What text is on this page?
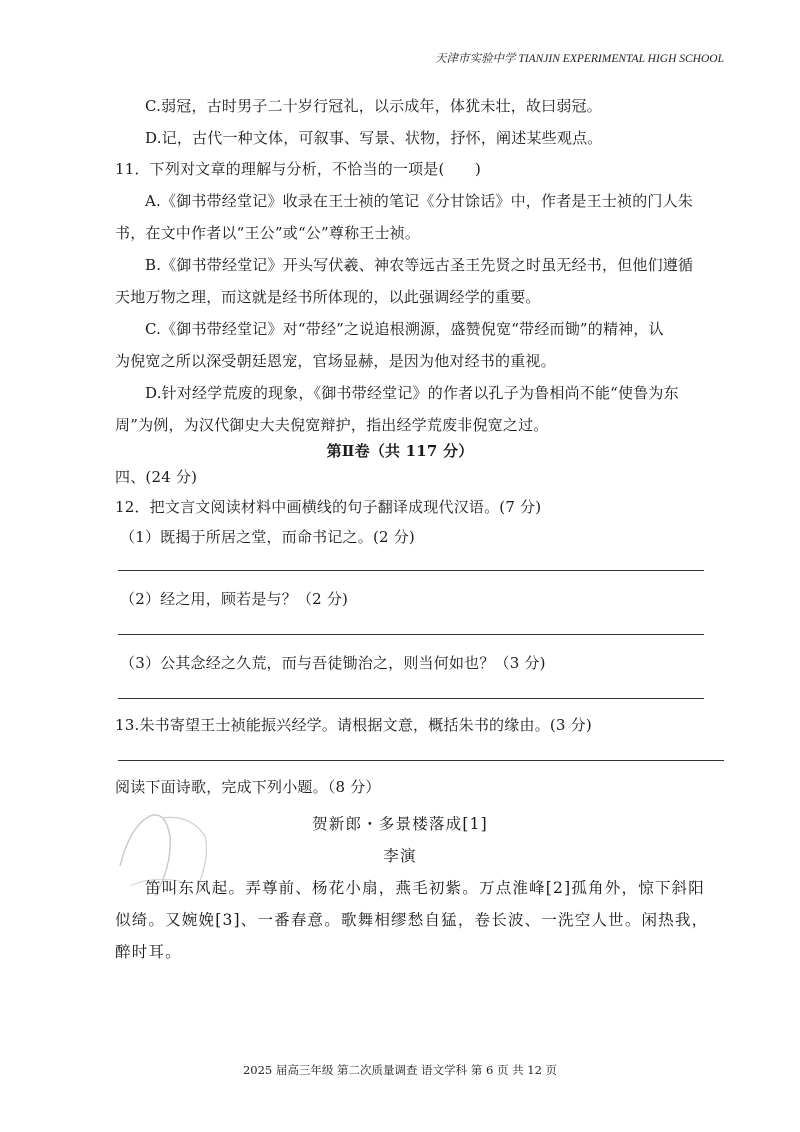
天津市实验中学 TIANJIN EXPERIMENTAL HIGH SCHOOL
C.弱冠，古时男子二十岁行冠礼，以示成年，体犹未壮，故曰弱冠。
D.记，古代一种文体，可叙事、写景、状物，抒怀，阐述某些观点。
11．下列对文章的理解与分析，不恰当的一项是(　　)
A.《御书带经堂记》收录在王士祯的笔记《分甘馀话》中，作者是王士祯的门人朱
书，在文中作者以“王公”或“公”尊称王士祯。
B.《御书带经堂记》开头写伏羲、神农等远古圣王先贤之时虽无经书，但他们遵循
天地万物之理，而这就是经书所体现的，以此强调经学的重要。
C.《御书带经堂记》对“带经”之说追根溯源，盛赞倪宽“带经而锄”的精神，认
为倪宽之所以深受朝廷恩宠，官场显赫，是因为他对经书的重视。
D.针对经学荒废的现象，《御书带经堂记》的作者以孔子为鲁相尚不能“使鲁为东
周”为例，为汉代御史大夫倪宽辩护，指出经学荒废非倪宽之过。
第Ⅱ卷（共 117 分）
四、(24 分)
12．把文言文阅读材料中画横线的句子翻译成现代汉语。(7 分)
（1）既揭于所居之堂，而命书记之。(2 分)
（2）经之用，顾若是与？（2 分)
（3）公其念经之久荒，而与吾徒锄治之，则当何如也？（3 分)
13.朱书寄望王士祯能振兴经学。请根据文意，概括朱书的缘由。(3 分)
阅读下面诗歌，完成下列小题。（8 分）
贺新郎・多景楼落成[1]
李演
笛叫东风起。弄尊前、杨花小扇，燕毛初紫。万点淮峰[2]孤角外，惊下斜阳
似绮。又婉娩[3]、一番春意。歌舞相缪愁自猛，卷长波、一洗空人世。闲热我，
醉时耳。
2025 届高三年级 第二次质量调查 语文学科 第 6 页 共 12 页
